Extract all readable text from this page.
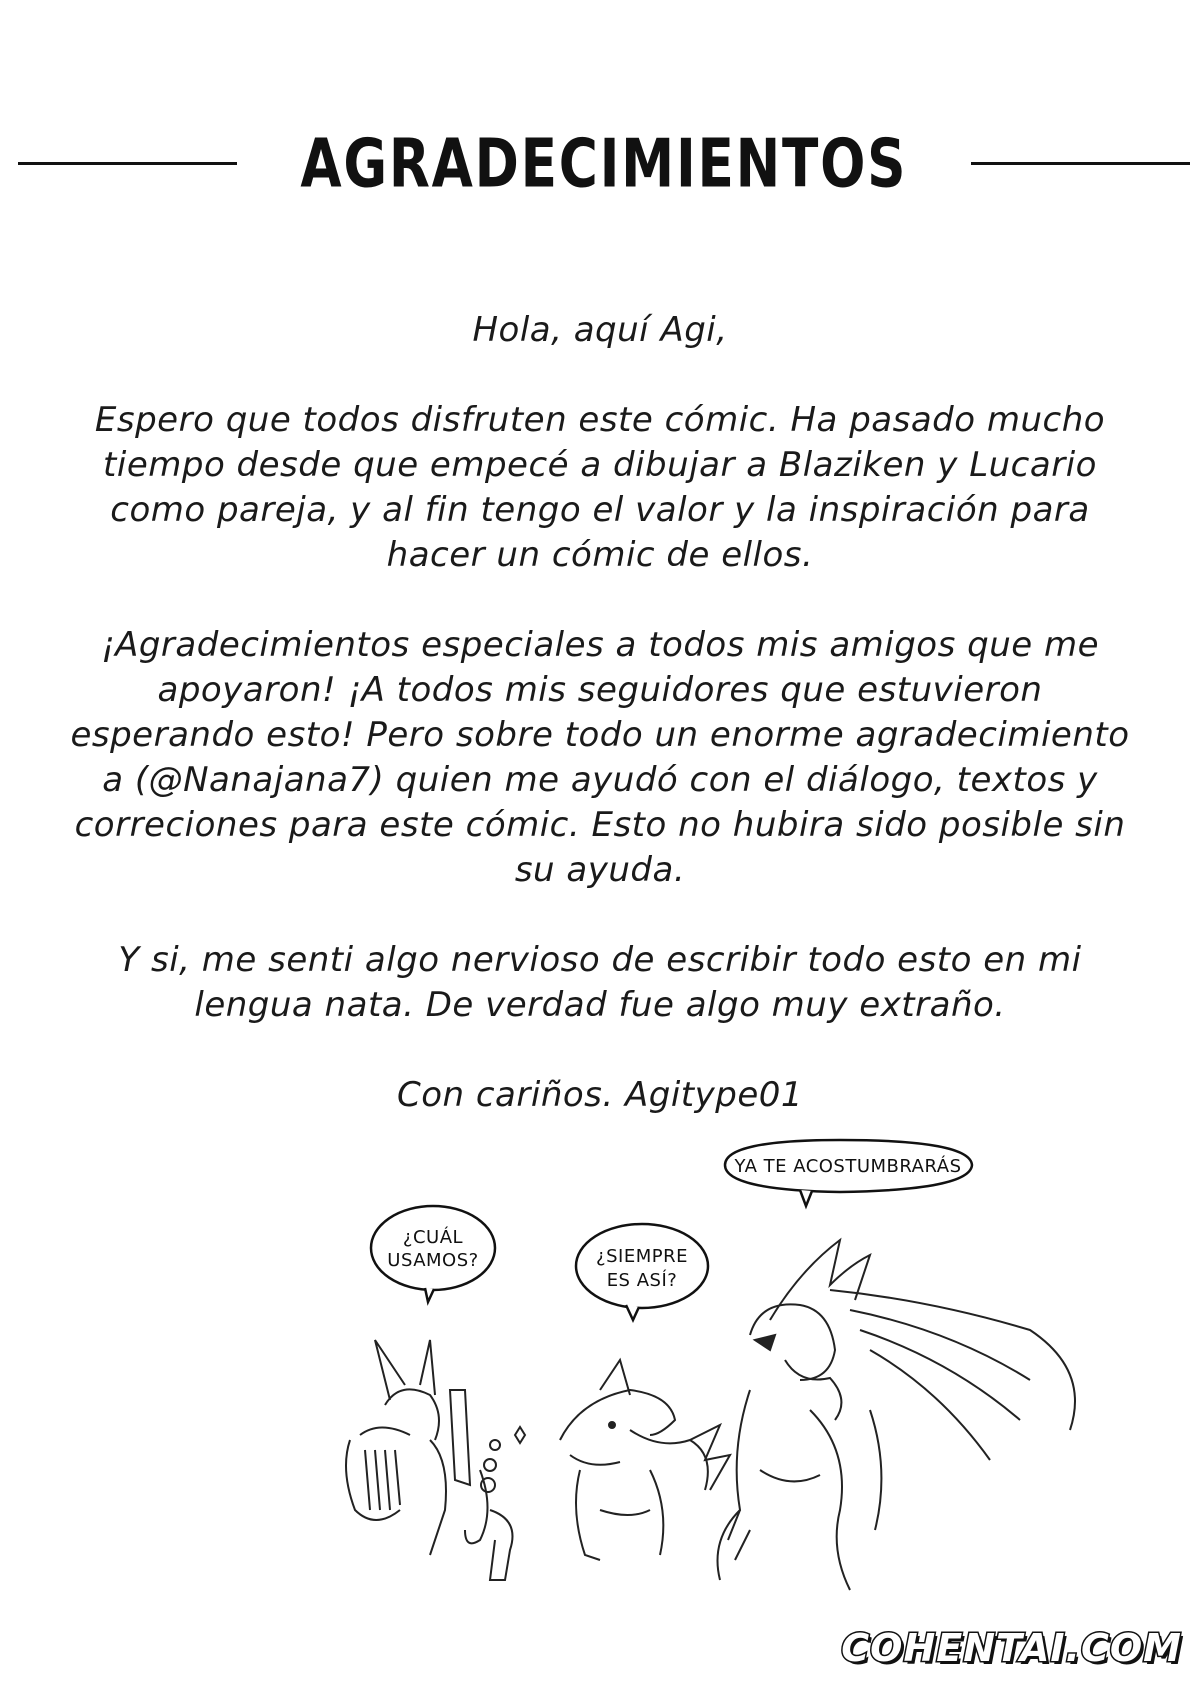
AGRADECIMIENTOS

Hola, aquí Agi,

Espero que todos disfruten este cómic. Ha pasado mucho tiempo desde que empecé a dibujar a Blaziken y Lucario como pareja, y al fin tengo el valor y la inspiración para hacer un cómic de ellos.

¡Agradecimientos especiales a todos mis amigos que me apoyaron! ¡A todos mis seguidores que estuvieron esperando esto! Pero sobre todo un enorme agradecimiento a (@Nanajana7) quien me ayudó con el diálogo, textos y correciones para este cómic. Esto no hubira sido posible sin su ayuda.

Y si, me senti algo nervioso de escribir todo esto en mi lengua nata. De verdad fue algo muy extraño.

Con cariños. Agitype01

¿CUÁL
USAMOS?	¿SIEMPRE
ES ASÍ?
YA TE ACOSTUMBRARÁS
COHENTAI.COM
